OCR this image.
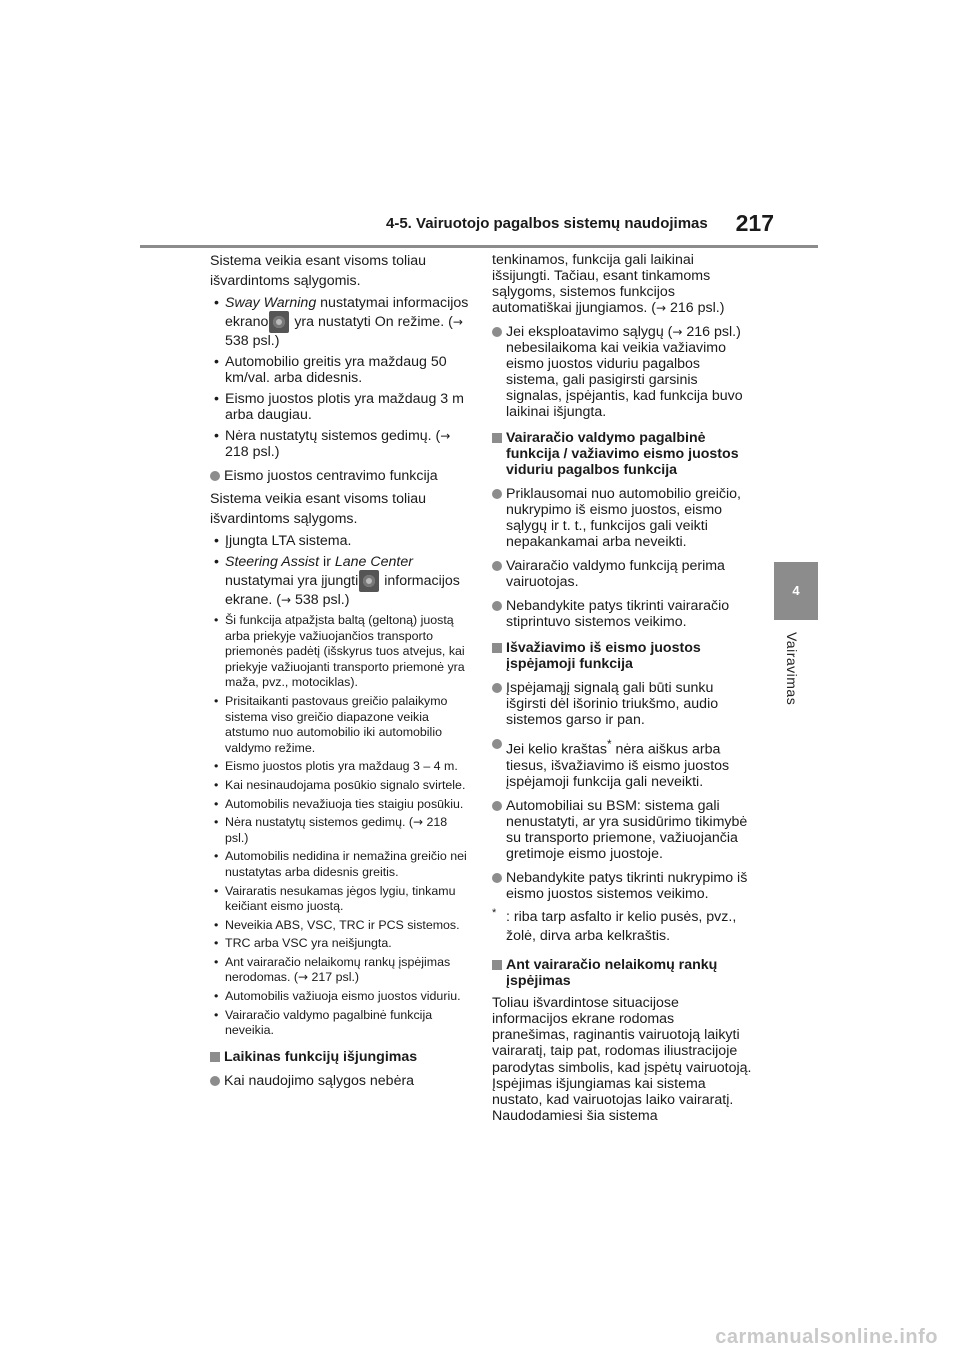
4-5. Vairuotojo pagalbos sistemų naudojimas 217
4
Vairavimas

Sistema veikia esant visoms toliau išvardintoms sąlygomis.

• Sway Warning nustatymai informacijos ekrano yra nustatyti On režime. (→ 538 psl.)
• Automobilio greitis yra maždaug 50 km/val. arba didesnis.
• Eismo juostos plotis yra maždaug 3 m arba daugiau.
• Nėra nustatytų sistemos gedimų. (→ 218 psl.)
Eismo juostos centravimo funkcija

Sistema veikia esant visoms toliau išvardintoms sąlygoms.

• Įjungta LTA sistema.
• Steering Assist ir Lane Center nustatymai yra įjungti informacijos ekrane. (→ 538 psl.)
• Ši funkcija atpažįsta baltą (geltoną) juostą arba priekyje važiuojančios transporto priemonės padėtį (išskyrus tuos atvejus, kai priekyje važiuojanti transporto priemonė yra maža, pvz., motociklas).
• Prisitaikanti pastovaus greičio palaikymo sistema viso greičio diapazone veikia atstumo nuo automobilio iki automobilio valdymo režime.
• Eismo juostos plotis yra maždaug 3 – 4 m.
• Kai nesinaudojama posūkio signalo svirtele.
• Automobilis nevažiuoja ties staigiu posūkiu.
• Nėra nustatytų sistemos gedimų. (→ 218 psl.)
• Automobilis nedidina ir nemažina greičio nei nustatytas arba didesnis greitis.
• Vairaratis nesukamas jėgos lygiu, tinkamu keičiant eismo juostą.
• Neveikia ABS, VSC, TRC ir PCS sistemos.
• TRC arba VSC yra neišjungta.
• Ant vairaračio nelaikomų rankų įspėjimas nerodomas. (→ 217 psl.)
• Automobilis važiuoja eismo juostos viduriu.
• Vairaračio valdymo pagalbinė funkcija neveikia.
Laikinas funkcijų išjungimas
Kai naudojimo sąlygos nebėra

tenkinamos, funkcija gali laikinai išsijungti. Tačiau, esant tinkamoms sąlygoms, sistemos funkcijos automatiškai įjungiamos. (→ 216 psl.)

Jei eksploatavimo sąlygų (→ 216 psl.) nebesilaikoma kai veikia važiavimo eismo juostos viduriu pagalbos sistema, gali pasigirsti garsinis signalas, įspėjantis, kad funkcija buvo laikinai išjungta.
Vairaračio valdymo pagalbinė funkcija / važiavimo eismo juostos viduriu pagalbos funkcija
Priklausomai nuo automobilio greičio, nukrypimo iš eismo juostos, eismo sąlygų ir t. t., funkcijos gali veikti nepakankamai arba neveikti.
Vairaračio valdymo funkciją perima vairuotojas.
Nebandykite patys tikrinti vairaračio stiprintuvo sistemos veikimo.
Išvažiavimo iš eismo juostos įspėjamoji funkcija
Įspėjamąjį signalą gali būti sunku išgirsti dėl išorinio triukšmo, audio sistemos garso ir pan.
Jei kelio kraštas* nėra aiškus arba tiesus, išvažiavimo iš eismo juostos įspėjamoji funkcija gali neveikti.
Automobiliai su BSM: sistema gali nenustatyti, ar yra susidūrimo tikimybė su transporto priemone, važiuojančia gretimoje eismo juostoje.
Nebandykite patys tikrinti nukrypimo iš eismo juostos sistemos veikimo.
* : riba tarp asfalto ir kelio pusės, pvz., žolė, dirva arba kelkraštis.
Ant vairaračio nelaikomų rankų įspėjimas

Toliau išvardintose situacijose informacijos ekrane rodomas pranešimas, raginantis vairuotoją laikyti vairaratį, taip pat, rodomas iliustracijoje parodytas simbolis, kad įspėtų vairuotoją. Įspėjimas išjungiamas kai sistema nustato, kad vairuotojas laiko vairaratį. Naudodamiesi šia sistema

carmanualsonline.info
